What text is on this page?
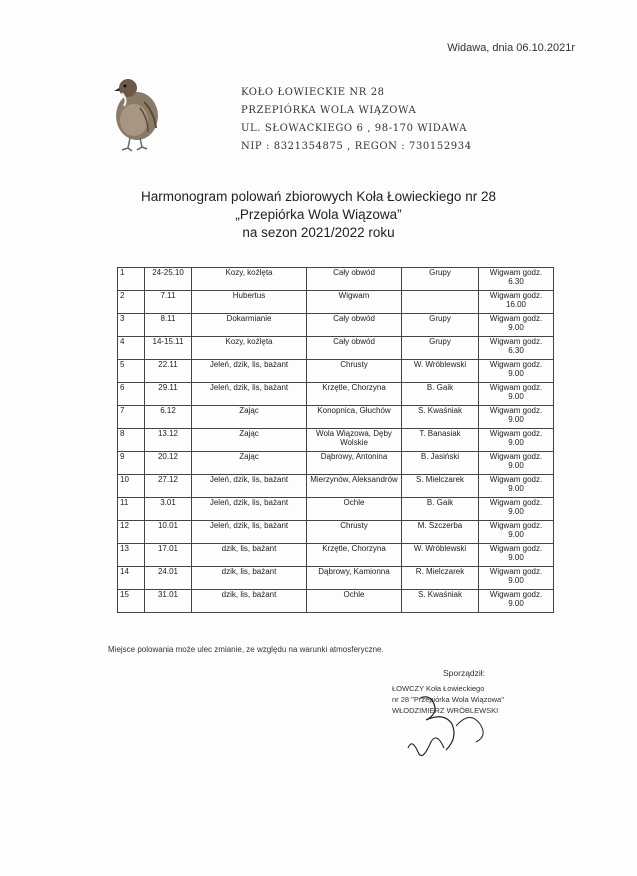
Widawa, dnia 06.10.2021r
KOŁO ŁOWIECKIE NR 28
PRZEPIÓRKA WOLA WIĄZOWA
UL. SŁOWACKIEGO 6 , 98-170 WIDAWA
NIP : 8321354875 , REGON : 730152934
Harmonogram polowań zbiorowych Koła Łowieckiego nr 28
„Przepiórka Wola Wiązowa”
na sezon 2021/2022 roku
1	24-25.10	Kozy, koźlęta	Cały obwód	Grupy	Wigwam godz. 6.30
2	7.11	Hubertus	Wigwam		Wigwam godz. 16.00
3	8.11	Dokarmianie	Cały obwód	Grupy	Wigwam godz. 9.00
4	14-15.11	Kozy, koźlęta	Cały obwód	Grupy	Wigwam godz. 6.30
5	22.11	Jeleń, dzik, lis, bażant	Chrusty	W. Wróblewski	Wigwam godz. 9.00
6	29.11	Jeleń, dzik, lis, bażant	Krzętle, Chorzyna	B. Gaik	Wigwam godz. 9.00
7	6.12	Zając	Konopnica, Głuchów	S. Kwaśniak	Wigwam godz. 9.00
8	13.12	Zając	Wola Wiązowa, Dęby Wolskie	T. Banasiak	Wigwam godz. 9.00
9	20.12	Zając	Dąbrowy, Antonina	B. Jasiński	Wigwam godz. 9.00
10	27.12	Jeleń, dzik, lis, bażant	Mierzynów, Aleksandrów	S. Mielczarek	Wigwam godz. 9.00
11	3.01	Jeleń, dzik, lis, bażant	Ochle	B. Gaik	Wigwam godz. 9.00
12	10.01	Jeleń, dzik, lis, bażant	Chrusty	M. Szczerba	Wigwam godz. 9.00
13	17.01	dzik, lis, bażant	Krzętle, Chorzyna	W. Wróblewski	Wigwam godz. 9.00
14	24.01	dzik, lis, bażant	Dąbrowy, Kamionna	R. Mielczarek	Wigwam godz. 9.00
15	31.01	dzik, lis, bażant	Ochle	S. Kwaśniak	Wigwam godz. 9.00
Miejsce polowania może ulec zmianie, ze względu na warunki atmosferyczne.
Sporządził:
ŁOWCZY Koła Łowieckiego
nr 28 "Przepiórka Wola Wiązowa"
WŁODZIMIERZ WRÓBLEWSKI
